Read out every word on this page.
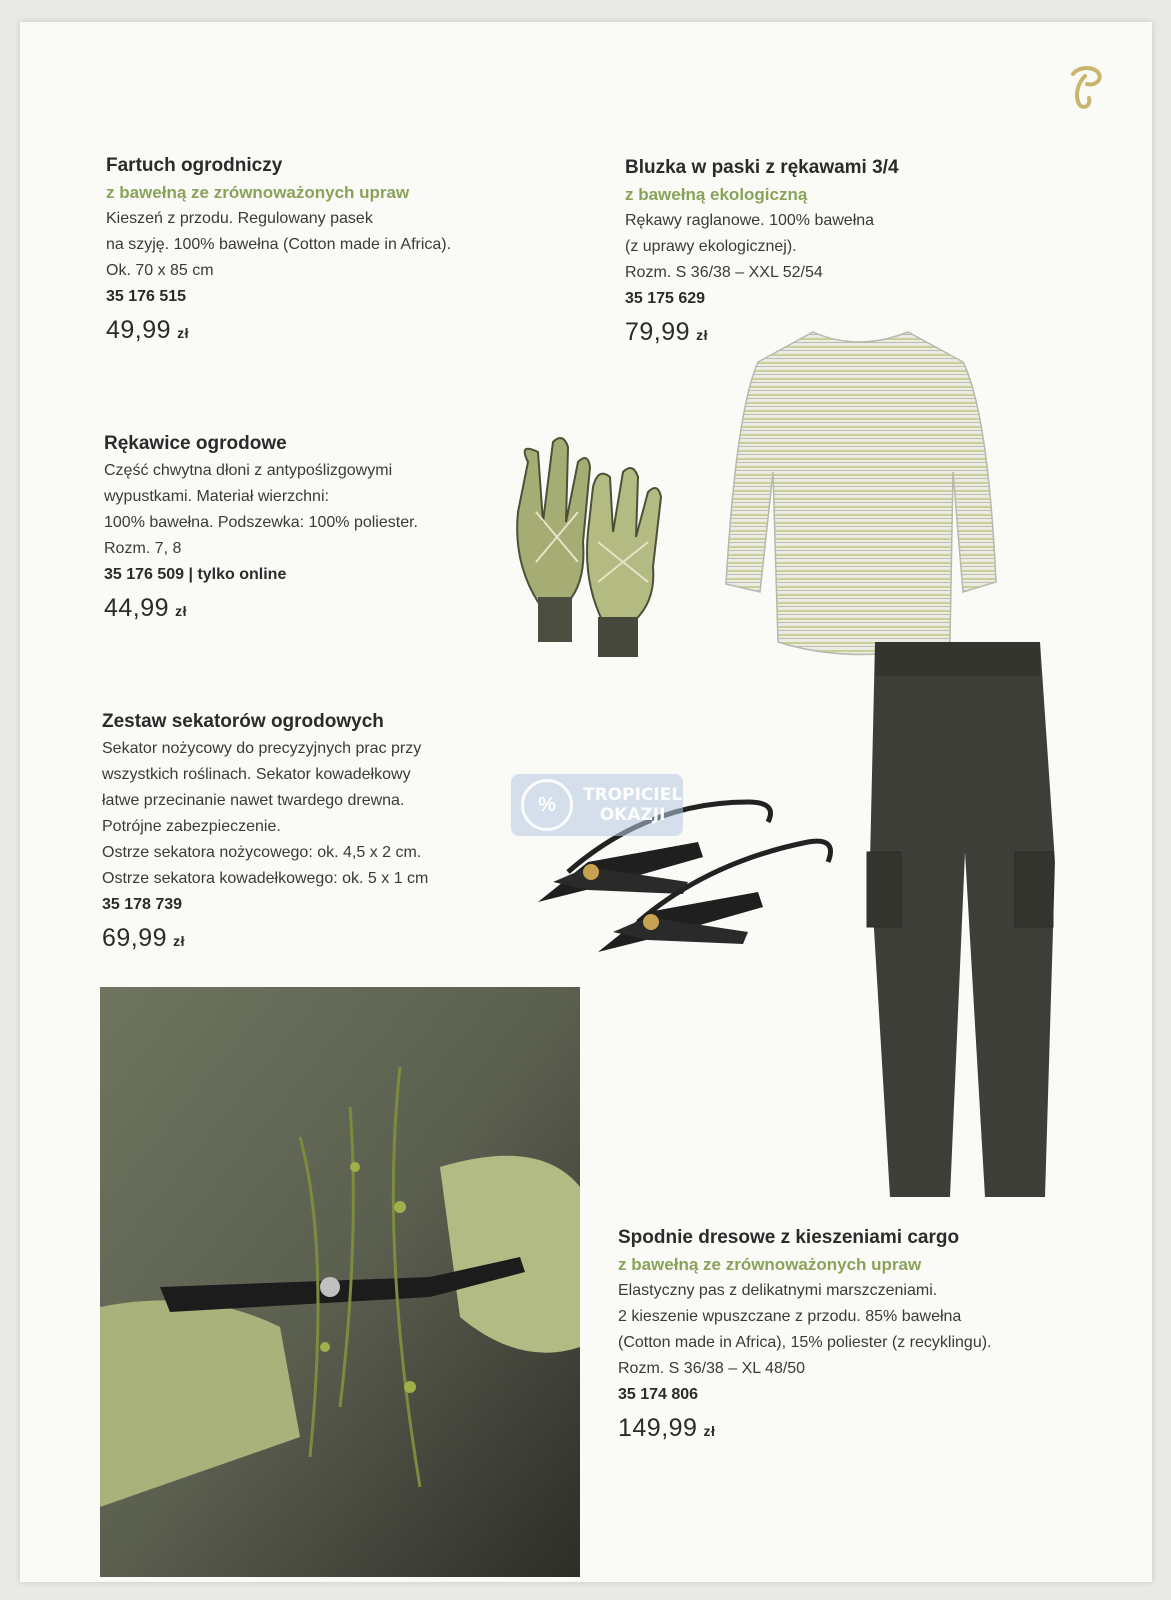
Fartuch ogrodniczy
z bawełną ze zrównoważonych upraw
Kieszeń z przodu. Regulowany pasek
na szyję. 100% bawełna (Cotton made in Africa).
Ok. 70 x 85 cm
35 176 515
49,99 zł
Bluzka w paski z rękawami 3/4
z bawełną ekologiczną
Rękawy raglanowe. 100% bawełna
(z uprawy ekologicznej).
Rozm. S 36/38 – XXL 52/54
35 175 629
79,99 zł
Rękawice ogrodowe
Część chwytna dłoni z antypoślizgowymi
wypustkami. Materiał wierzchni:
100% bawełna. Podszewka: 100% poliester.
Rozm. 7, 8
35 176 509 | tylko online
44,99 zł
Zestaw sekatorów ogrodowych
Sekator nożycowy do precyzyjnych prac przy
wszystkich roślinach. Sekator kowadełkowy
łatwe przecinanie nawet twardego drewna.
Potrójne zabezpieczenie.
Ostrze sekatora nożycowego: ok. 4,5 x 2 cm.
Ostrze sekatora kowadełkowego: ok. 5 x 1 cm
35 178 739
69,99 zł
Spodnie dresowe z kieszeniami cargo
z bawełną ze zrównoważonych upraw
Elastyczny pas z delikatnymi marszczeniami.
2 kieszenie wpuszczane z przodu. 85% bawełna
(Cotton made in Africa), 15% poliester (z recyklingu).
Rozm. S 36/38 – XL 48/50
35 174 806
149,99 zł
%	TROPICIEL
OKAZJI
